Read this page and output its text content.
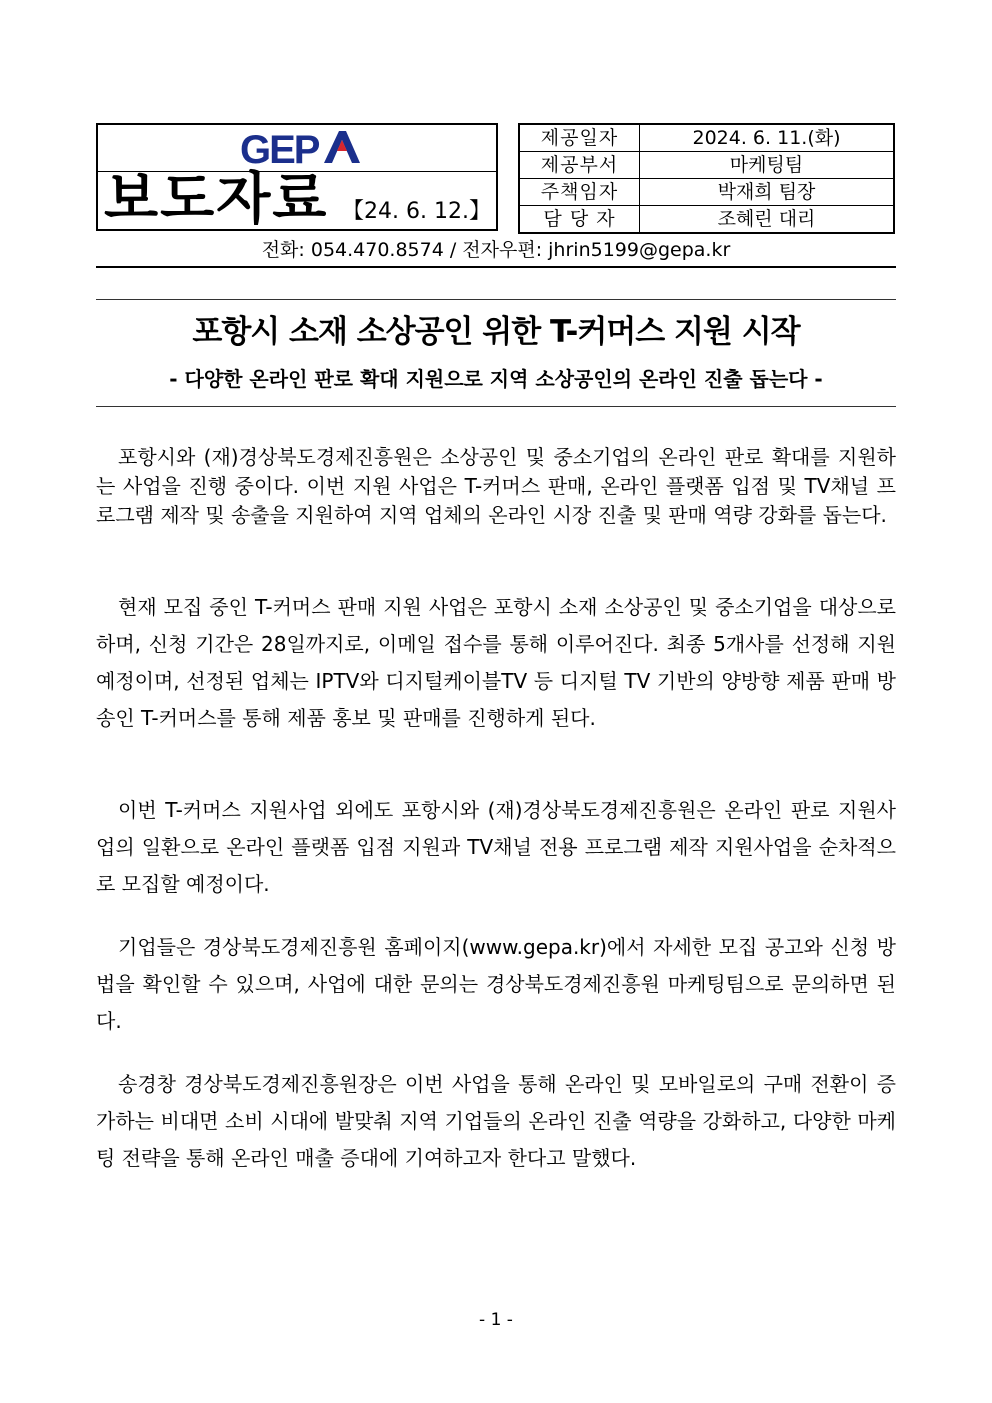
GEP
보도자료 【24. 6. 12.】
제공일자	2024. 6. 11.(화)
제공부서	마케팅팀
주책임자	박재희 팀장
담 당 자	조혜린 대리
전화: 054.470.8574 / 전자우편: jhrin5199@gepa.kr
포항시 소재 소상공인 위한 T-커머스 지원 시작
- 다양한 온라인 판로 확대 지원으로 지역 소상공인의 온라인 진출 돕는다 -

포항시와 (재)경상북도경제진흥원은 소상공인 및 중소기업의 온라인 판로 확대를 지원하는 사업을 진행 중이다. 이번 지원 사업은 T-커머스 판매, 온라인 플랫폼 입점 및 TV채널 프로그램 제작 및 송출을 지원하여 지역 업체의 온라인 시장 진출 및 판매 역량 강화를 돕는다.

현재 모집 중인 T-커머스 판매 지원 사업은 포항시 소재 소상공인 및 중소기업을 대상으로 하며, 신청 기간은 28일까지로, 이메일 접수를 통해 이루어진다. 최종 5개사를 선정해 지원 예정이며, 선정된 업체는 IPTV와 디지털케이블TV 등 디지털 TV 기반의 양방향 제품 판매 방송인 T-커머스를 통해 제품 홍보 및 판매를 진행하게 된다.

이번 T-커머스 지원사업 외에도 포항시와 (재)경상북도경제진흥원은 온라인 판로 지원사업의 일환으로 온라인 플랫폼 입점 지원과 TV채널 전용 프로그램 제작 지원사업을 순차적으로 모집할 예정이다.

기업들은 경상북도경제진흥원 홈페이지(www.gepa.kr)에서 자세한 모집 공고와 신청 방법을 확인할 수 있으며, 사업에 대한 문의는 경상북도경제진흥원 마케팅팀으로 문의하면 된다.

송경창 경상북도경제진흥원장은 이번 사업을 통해 온라인 및 모바일로의 구매 전환이 증가하는 비대면 소비 시대에 발맞춰 지역 기업들의 온라인 진출 역량을 강화하고, 다양한 마케팅 전략을 통해 온라인 매출 증대에 기여하고자 한다고 말했다.

- 1 -
